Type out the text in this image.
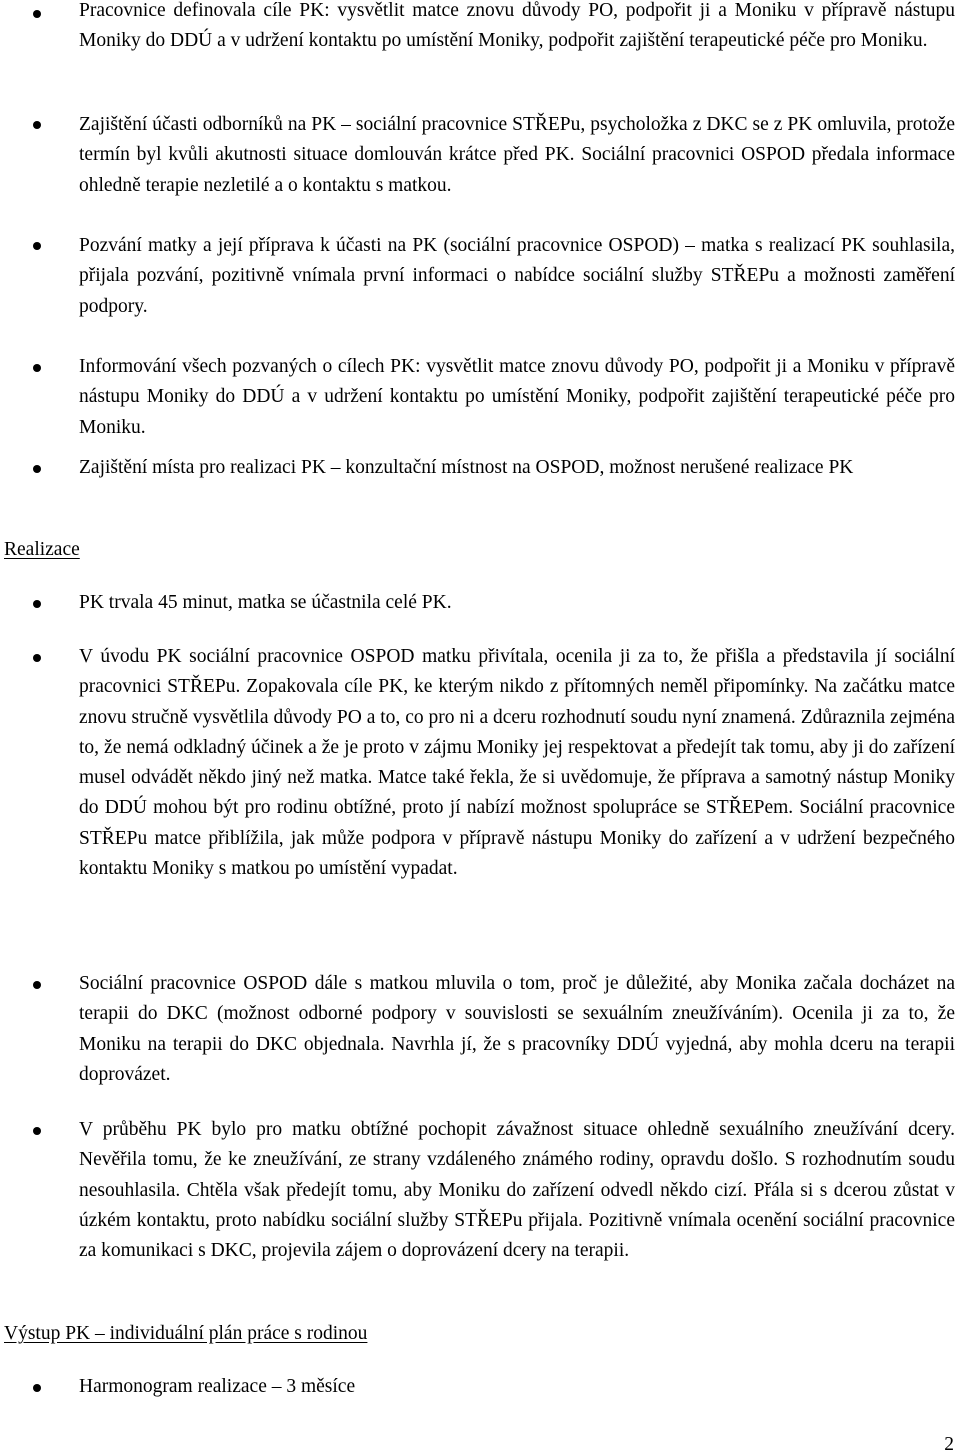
Pracovnice definovala cíle PK: vysvětlit matce znovu důvody PO, podpořit ji a Moniku v přípravě nástupu Moniky do DDÚ a v udržení kontaktu po umístění Moniky, podpořit zajištění terapeutické péče pro Moniku.
Zajištění účasti odborníků na PK – sociální pracovnice STŘEPu, psycholožka z DKC se z PK omluvila, protože termín byl kvůli akutnosti situace domlouván krátce před PK. Sociální pracovnici OSPOD předala informace ohledně terapie nezletilé a o kontaktu s matkou.
Pozvání matky a její příprava k účasti na PK (sociální pracovnice OSPOD) – matka s realizací PK souhlasila, přijala pozvání, pozitivně vnímala první informaci o nabídce sociální služby STŘEPu a možnosti zaměření podpory.
Informování všech pozvaných o cílech PK: vysvětlit matce znovu důvody PO, podpořit ji a Moniku v přípravě nástupu Moniky do DDÚ a v udržení kontaktu po umístění Moniky, podpořit zajištění terapeutické péče pro Moniku.
Zajištění místa pro realizaci PK – konzultační místnost na OSPOD, možnost nerušené realizace PK
Realizace
PK trvala 45 minut, matka se účastnila celé PK.
V úvodu PK sociální pracovnice OSPOD matku přivítala, ocenila ji za to, že přišla a představila jí sociální pracovnici STŘEPu. Zopakovala cíle PK, ke kterým nikdo z přítomných neměl připomínky. Na začátku matce znovu stručně vysvětlila důvody PO a to, co pro ni a dceru rozhodnutí soudu nyní znamená. Zdůraznila zejména to, že nemá odkladný účinek a že je proto v zájmu Moniky jej respektovat a předejít tak tomu, aby ji do zařízení musel odvádět někdo jiný než matka. Matce také řekla, že si uvědomuje, že příprava a samotný nástup Moniky do DDÚ mohou být pro rodinu obtížné, proto jí nabízí možnost spolupráce se STŘEPem. Sociální pracovnice STŘEPu matce přiblížila, jak může podpora v přípravě nástupu Moniky do zařízení a v udržení bezpečného kontaktu Moniky s matkou po umístění vypadat.
Sociální pracovnice OSPOD dále s matkou mluvila o tom, proč je důležité, aby Monika začala docházet na terapii do DKC (možnost odborné podpory v souvislosti se sexuálním zneužíváním). Ocenila ji za to, že Moniku na terapii do DKC objednala. Navrhla jí, že s pracovníky DDÚ vyjedná, aby mohla dceru na terapii doprovázet.
V průběhu PK bylo pro matku obtížné pochopit závažnost situace ohledně sexuálního zneužívání dcery. Nevěřila tomu, že ke zneužívání, ze strany vzdáleného známého rodiny, opravdu došlo. S rozhodnutím soudu nesouhlasila. Chtěla však předejít tomu, aby Moniku do zařízení odvedl někdo cizí. Přála si s dcerou zůstat v úzkém kontaktu, proto nabídku sociální služby STŘEPu přijala. Pozitivně vnímala ocenění sociální pracovnice za komunikaci s DKC, projevila zájem o doprovázení dcery na terapii.
Výstup PK – individuální plán práce s rodinou
Harmonogram realizace – 3 měsíce
2
